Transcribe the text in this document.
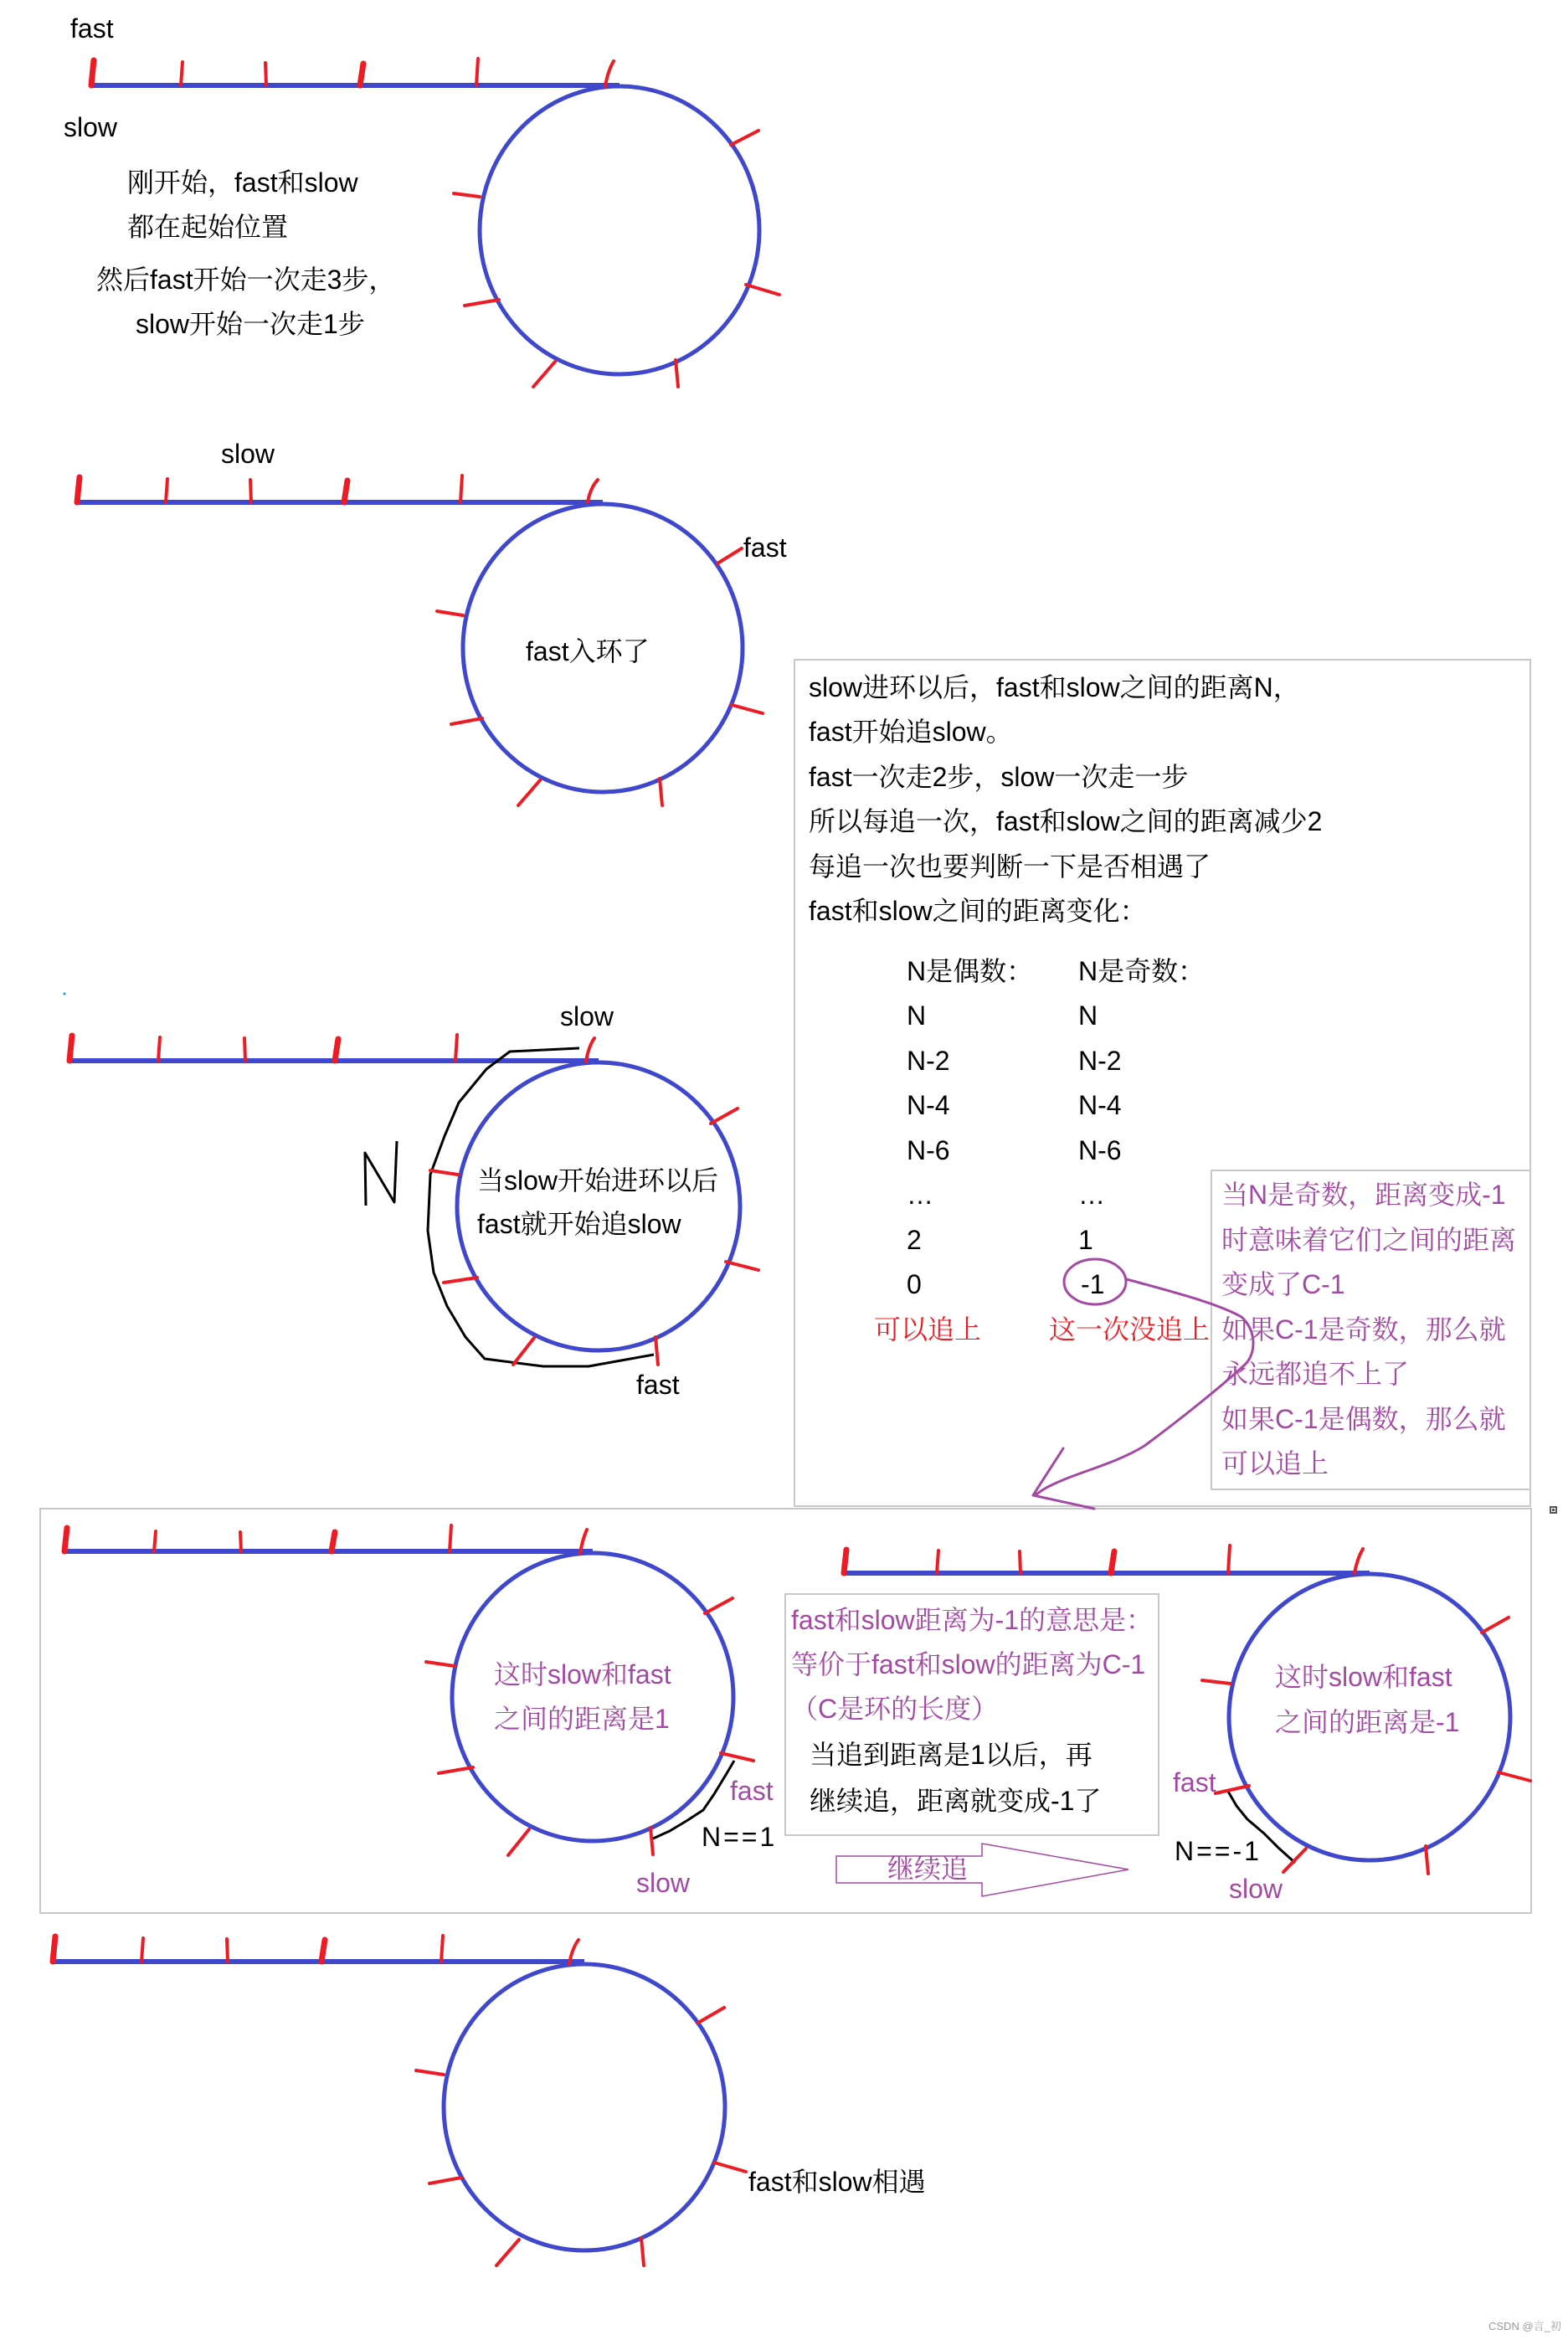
fast
slow
刚开始，fast和slow
都在起始位置
然后fast开始一次走3步，
slow开始一次走1步
slow
fast
fast入环了
slow
当slow开始进环以后
fast就开始追slow
fast
slow进环以后，fast和slow之间的距离N，
fast开始追slow。
fast一次走2步，slow一次走一步
所以每追一次，fast和slow之间的距离减少2
每追一次也要判断一下是否相遇了
fast和slow之间的距离变化：
N是偶数： N是奇数：
N	N
N-2	N-2
N-4	N-4
N-6	N-6
…	…
2	1
0	-1
可以追上	这一次没追上
当N是奇数，距离变成-1
时意味着它们之间的距离
变成了C-1
如果C-1是奇数，那么就
永远都追不上了
如果C-1是偶数，那么就
可以追上
这时slow和fast
之间的距离是1
fast
N==1
slow
fast和slow距离为-1的意思是：
等价于fast和slow的距离为C-1
（C是环的长度）
当追到距离是1以后，再
继续追，距离就变成-1了
继续追
这时slow和fast
之间的距离是-1
fast
N==-1
slow
fast和slow相遇
CSDN @言_初
